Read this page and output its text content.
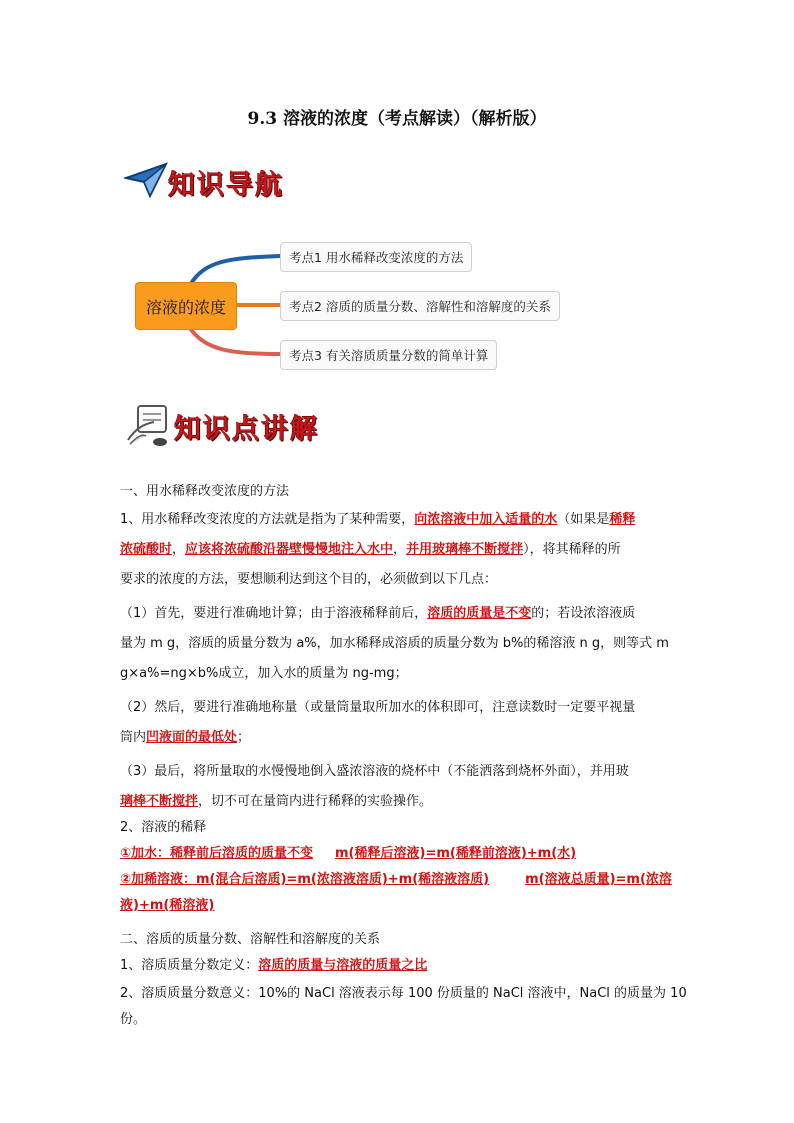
9.3 溶液的浓度（考点解读）（解析版）
知识导航
溶液的浓度
考点1 用水稀释改变浓度的方法
考点2 溶质的质量分数、溶解性和溶解度的关系
考点3 有关溶质质量分数的简单计算
知识点讲解
一、用水稀释改变浓度的方法
1、用水稀释改变浓度的方法就是指为了某种需要，向浓溶液中加入适量的水（如果是稀释
浓硫酸时，应该将浓硫酸沿器壁慢慢地注入水中，并用玻璃棒不断搅拌），将其稀释的所
要求的浓度的方法，要想顺利达到这个目的，必须做到以下几点：
（1）首先，要进行准确地计算；由于溶液稀释前后，溶质的质量是不变的；若设浓溶液质
量为 m g，溶质的质量分数为 a%，加水稀释成溶质的质量分数为 b%的稀溶液 n g，则等式 m
g×a%=ng×b%成立，加入水的质量为 ng-mg；
（2）然后，要进行准确地称量（或量筒量取所加水的体积即可，注意读数时一定要平视量
筒内凹液面的最低处；
（3）最后，将所量取的水慢慢地倒入盛浓溶液的烧杯中（不能洒落到烧杯外面），并用玻
璃棒不断搅拌，切不可在量筒内进行稀释的实验操作。
2、溶液的稀释
①加水：稀释前后溶质的质量不变 m(稀释后溶液)=m(稀释前溶液)+m(水)
②加稀溶液：m(混合后溶质)=m(浓溶液溶质)+m(稀溶液溶质)	m(溶液总质量)=m(浓溶
液)+m(稀溶液)
二、溶质的质量分数、溶解性和溶解度的关系
1、溶质质量分数定义：溶质的质量与溶液的质量之比
2、溶质质量分数意义：10%的 NaCl 溶液表示每 100 份质量的 NaCl 溶液中，NaCl 的质量为 10
份。
